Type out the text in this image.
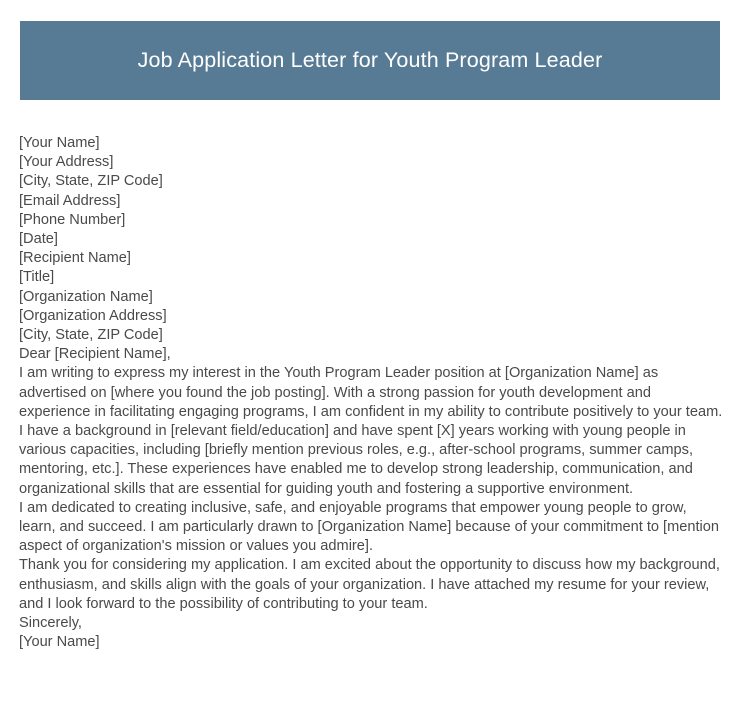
Job Application Letter for Youth Program Leader
[Your Name]
[Your Address]
[City, State, ZIP Code]
[Email Address]
[Phone Number]
[Date]
[Recipient Name]
[Title]
[Organization Name]
[Organization Address]
[City, State, ZIP Code]
Dear [Recipient Name],
I am writing to express my interest in the Youth Program Leader position at [Organization Name] as advertised on [where you found the job posting]. With a strong passion for youth development and experience in facilitating engaging programs, I am confident in my ability to contribute positively to your team.
I have a background in [relevant field/education] and have spent [X] years working with young people in various capacities, including [briefly mention previous roles, e.g., after-school programs, summer camps, mentoring, etc.]. These experiences have enabled me to develop strong leadership, communication, and organizational skills that are essential for guiding youth and fostering a supportive environment.
I am dedicated to creating inclusive, safe, and enjoyable programs that empower young people to grow, learn, and succeed. I am particularly drawn to [Organization Name] because of your commitment to [mention aspect of organization's mission or values you admire].
Thank you for considering my application. I am excited about the opportunity to discuss how my background, enthusiasm, and skills align with the goals of your organization. I have attached my resume for your review, and I look forward to the possibility of contributing to your team.
Sincerely,
[Your Name]
